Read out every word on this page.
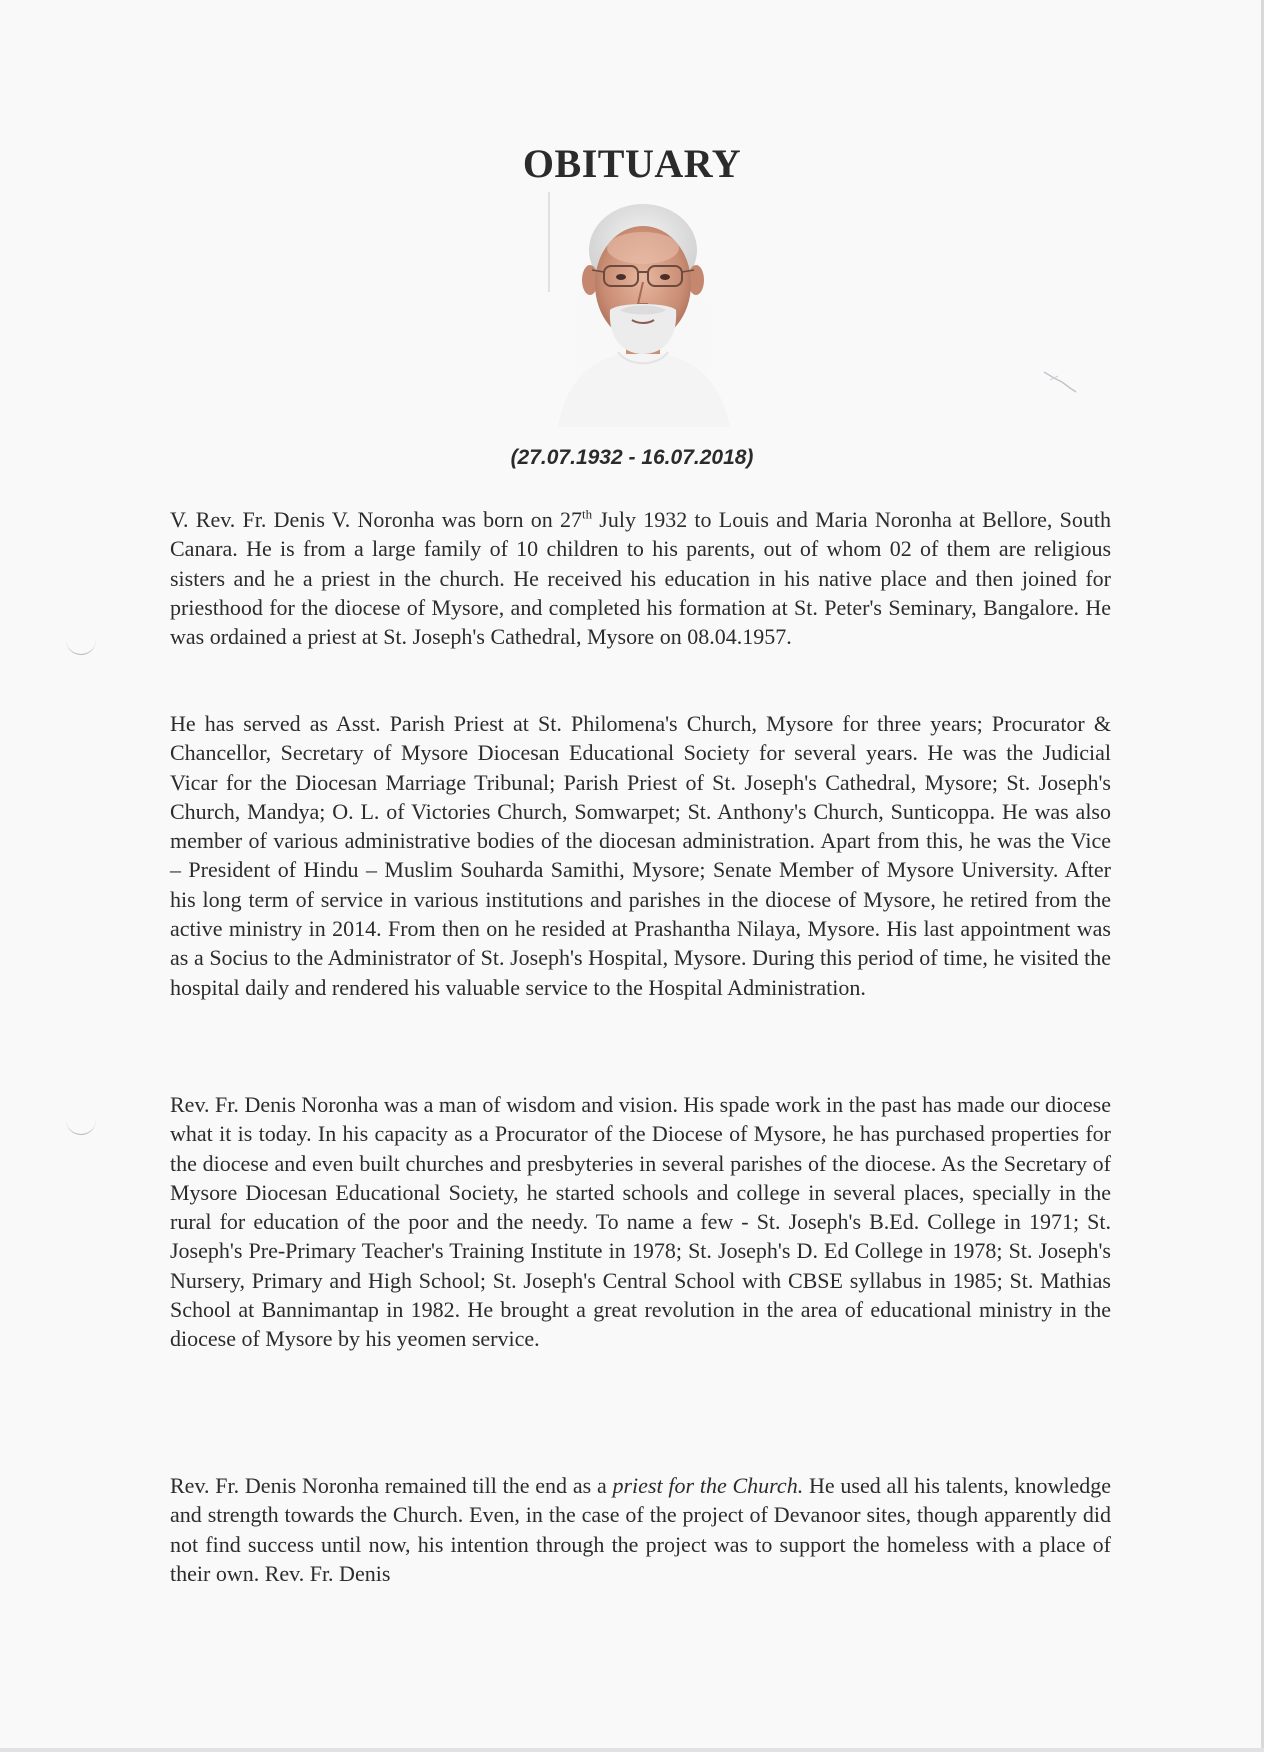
OBITUARY
(27.07.1932 - 16.07.2018)

V. Rev. Fr. Denis V. Noronha was born on 27th July 1932 to Louis and Maria Noronha at Bellore, South Canara. He is from a large family of 10 children to his parents, out of whom 02 of them are religious sisters and he a priest in the church. He received his education in his native place and then joined for priesthood for the diocese of Mysore, and completed his formation at St. Peter's Seminary, Bangalore. He was ordained a priest at St. Joseph's Cathedral, Mysore on 08.04.1957.

He has served as Asst. Parish Priest at St. Philomena's Church, Mysore for three years; Procurator & Chancellor, Secretary of Mysore Diocesan Educational Society for several years. He was the Judicial Vicar for the Diocesan Marriage Tribunal; Parish Priest of St. Joseph's Cathedral, Mysore; St. Joseph's Church, Mandya; O. L. of Victories Church, Somwarpet; St. Anthony's Church, Sunticoppa. He was also member of various administrative bodies of the diocesan administration. Apart from this, he was the Vice – President of Hindu – Muslim Souharda Samithi, Mysore; Senate Member of Mysore University. After his long term of service in various institutions and parishes in the diocese of Mysore, he retired from the active ministry in 2014. From then on he resided at Prashantha Nilaya, Mysore. His last appointment was as a Socius to the Administrator of St. Joseph's Hospital, Mysore. During this period of time, he visited the hospital daily and rendered his valuable service to the Hospital Administration.

Rev. Fr. Denis Noronha was a man of wisdom and vision. His spade work in the past has made our diocese what it is today. In his capacity as a Procurator of the Diocese of Mysore, he has purchased properties for the diocese and even built churches and presbyteries in several parishes of the diocese. As the Secretary of Mysore Diocesan Educational Society, he started schools and college in several places, specially in the rural for education of the poor and the needy. To name a few - St. Joseph's B.Ed. College in 1971; St. Joseph's Pre-Primary Teacher's Training Institute in 1978; St. Joseph's D. Ed College in 1978; St. Joseph's Nursery, Primary and High School; St. Joseph's Central School with CBSE syllabus in 1985; St. Mathias School at Bannimantap in 1982. He brought a great revolution in the area of educational ministry in the diocese of Mysore by his yeomen service.

Rev. Fr. Denis Noronha remained till the end as a priest for the Church. He used all his talents, knowledge and strength towards the Church. Even, in the case of the project of Devanoor sites, though apparently did not find success until now, his intention through the project was to support the homeless with a place of their own. Rev. Fr. Denis
